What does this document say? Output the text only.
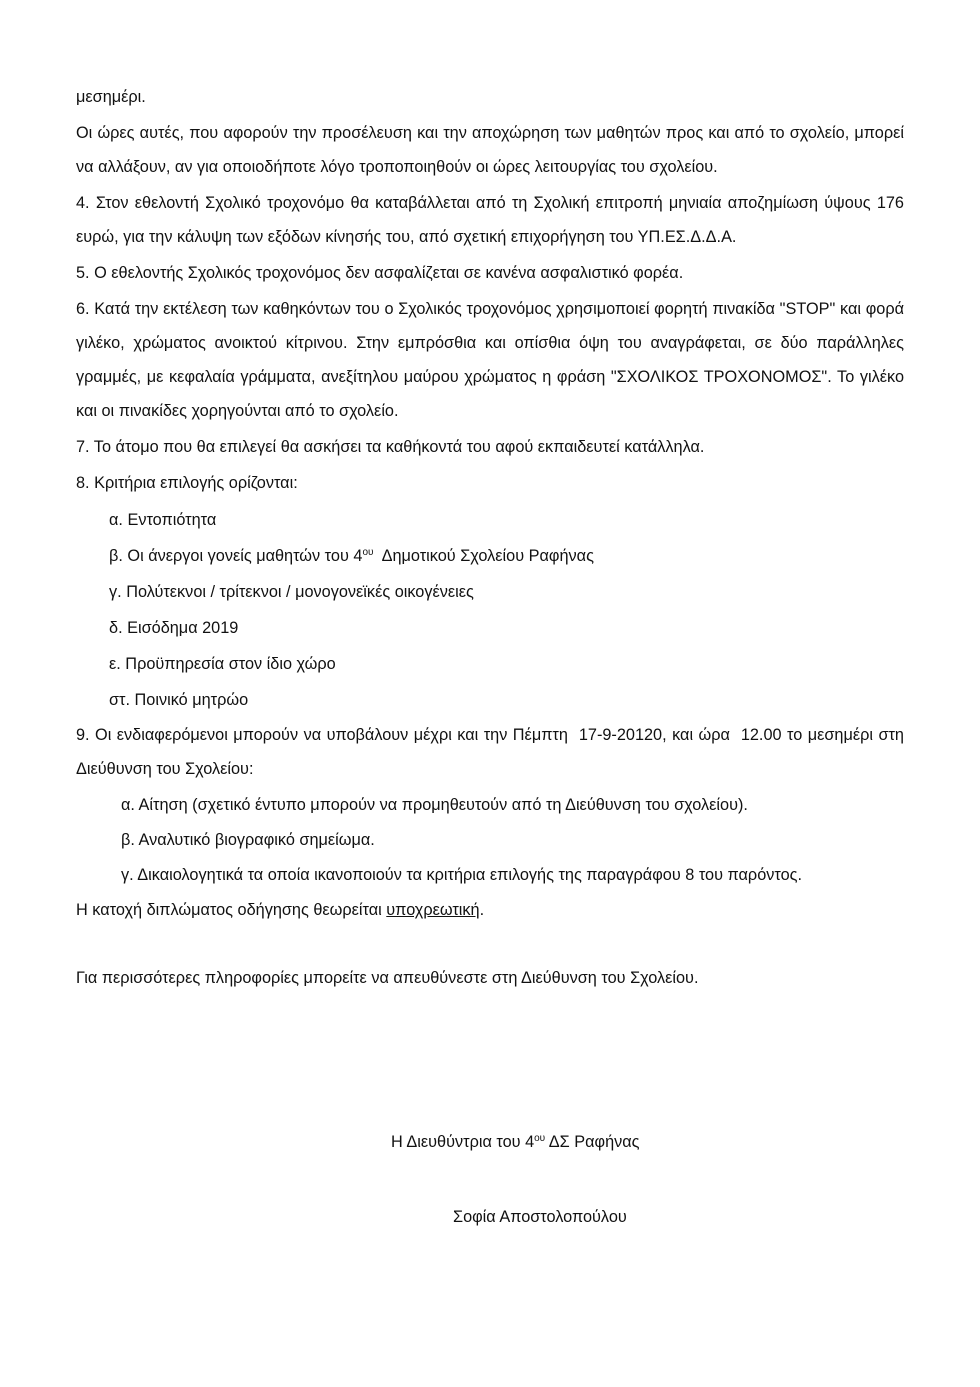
μεσημέρι.
Οι ώρες αυτές, που αφορούν την προσέλευση και την αποχώρηση των μαθητών προς και από το σχολείο, μπορεί να αλλάξουν, αν για οποιοδήποτε λόγο τροποποιηθούν οι ώρες λειτουργίας του σχολείου.
4. Στον εθελοντή Σχολικό τροχονόμο θα καταβάλλεται από τη Σχολική επιτροπή μηνιαία αποζημίωση ύψους 176 ευρώ, για την κάλυψη των εξόδων κίνησής του, από σχετική επιχορήγηση του ΥΠ.ΕΣ.Δ.Δ.Α.
5. Ο εθελοντής Σχολικός τροχονόμος δεν ασφαλίζεται σε κανένα ασφαλιστικό φορέα.
6. Κατά την εκτέλεση των καθηκόντων του ο Σχολικός τροχονόμος χρησιμοποιεί φορητή πινακίδα "STOP" και φορά γιλέκο, χρώματος ανοικτού κίτρινου. Στην εμπρόσθια και οπίσθια όψη του αναγράφεται, σε δύο παράλληλες γραμμές, με κεφαλαία γράμματα, ανεξίτηλου μαύρου χρώματος η φράση "ΣΧΟΛΙΚΟΣ ΤΡΟΧΟΝΟΜΟΣ". Το γιλέκο και οι πινακίδες χορηγούνται από το σχολείο.
7. Το άτομο που θα επιλεγεί θα ασκήσει τα καθήκοντά του αφού εκπαιδευτεί κατάλληλα.
8. Κριτήρια επιλογής ορίζονται:
α. Εντοπιότητα
β. Οι άνεργοι γονείς μαθητών του $4^{o\upsilon}$  Δημοτικού Σχολείου Ραφήνας
γ. Πολύτεκνοι / τρίτεκνοι / μονογονεϊκές οικογένειες
δ. Εισόδημα 2019
ε. Προϋπηρεσία στον ίδιο χώρο
στ. Ποινικό μητρώο
9. Οι ενδιαφερόμενοι μπορούν να υποβάλουν μέχρι και την Πέμπτη  17-9-20120, και ώρα  12.00 το μεσημέρι στη Διεύθυνση του Σχολείου:
α. Αίτηση (σχετικό έντυπο μπορούν να προμηθευτούν από τη Διεύθυνση του σχολείου).
β. Αναλυτικό βιογραφικό σημείωμα.
γ. Δικαιολογητικά τα οποία ικανοποιούν τα κριτήρια επιλογής της παραγράφου 8 του παρόντος.
Η κατοχή διπλώματος οδήγησης θεωρείται υποχρεωτική.
Για περισσότερες πληροφορίες μπορείτε να απευθύνεστε στη Διεύθυνση του Σχολείου.
Η Διευθύντρια του $4^{o\upsilon}$ ΔΣ Ραφήνας
Σοφία Αποστολοπούλου
